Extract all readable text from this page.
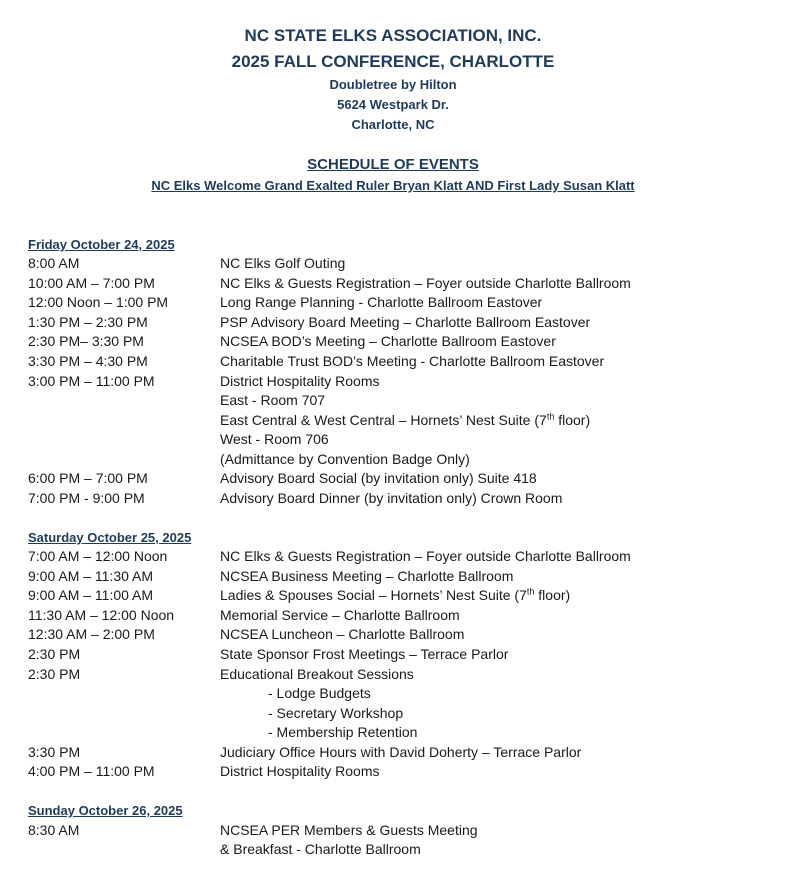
NC STATE ELKS ASSOCIATION, INC.
2025 FALL CONFERENCE, CHARLOTTE
Doubletree by Hilton
5624 Westpark Dr.
Charlotte, NC
SCHEDULE OF EVENTS
NC Elks Welcome Grand Exalted Ruler Bryan Klatt AND First Lady Susan Klatt
Friday October 24, 2025
8:00 AM	NC Elks Golf Outing
10:00 AM – 7:00 PM	NC Elks & Guests Registration – Foyer outside Charlotte Ballroom
12:00 Noon – 1:00 PM	Long Range Planning - Charlotte Ballroom Eastover
1:30 PM – 2:30 PM	PSP Advisory Board Meeting – Charlotte Ballroom Eastover
2:30 PM– 3:30 PM	NCSEA BOD’s Meeting – Charlotte Ballroom Eastover
3:30 PM – 4:30 PM	Charitable Trust BOD’s Meeting - Charlotte Ballroom Eastover
3:00 PM – 11:00 PM	District Hospitality Rooms
East - Room 707
East Central & West Central – Hornets’ Nest Suite (7th floor)
West - Room 706
(Admittance by Convention Badge Only)
6:00 PM – 7:00 PM	Advisory Board Social (by invitation only) Suite 418
7:00 PM - 9:00 PM	Advisory Board Dinner (by invitation only) Crown Room
Saturday October 25, 2025
7:00 AM – 12:00 Noon	NC Elks & Guests Registration – Foyer outside Charlotte Ballroom
9:00 AM – 11:30 AM	NCSEA Business Meeting – Charlotte Ballroom
9:00 AM – 11:00 AM	Ladies & Spouses Social – Hornets’ Nest Suite (7th floor)
11:30 AM – 12:00 Noon	Memorial Service – Charlotte Ballroom
12:30 AM – 2:00 PM	NCSEA Luncheon – Charlotte Ballroom
2:30 PM	State Sponsor Frost Meetings – Terrace Parlor
2:30 PM	Educational Breakout Sessions
- Lodge Budgets
- Secretary Workshop
- Membership Retention
3:30 PM	Judiciary Office Hours with David Doherty – Terrace Parlor
4:00 PM – 11:00 PM	District Hospitality Rooms
Sunday October 26, 2025
8:30 AM	NCSEA PER Members & Guests Meeting
& Breakfast - Charlotte Ballroom
